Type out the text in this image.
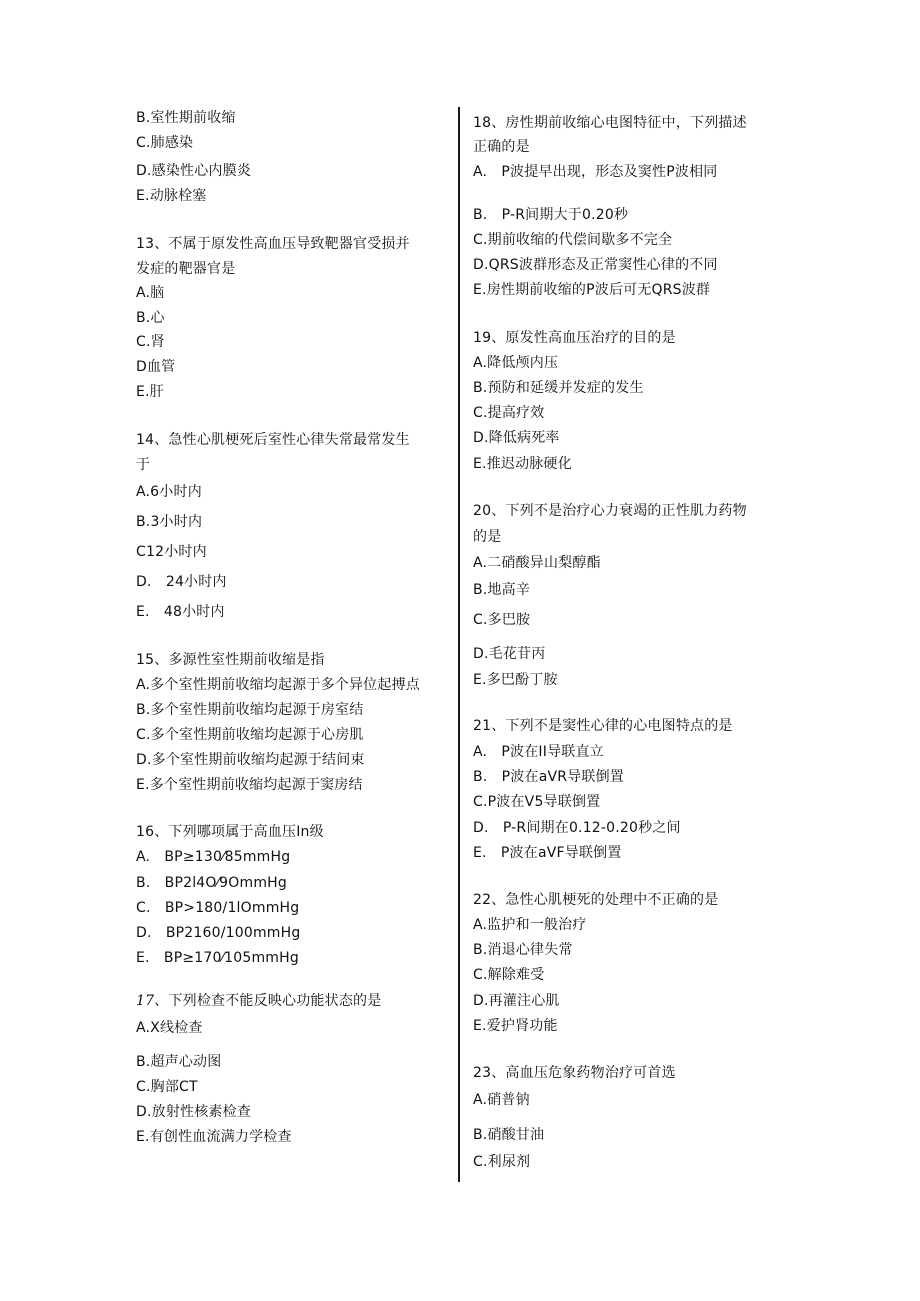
B.室性期前收缩
C.肺感染
D.感染性心内膜炎
E.动脉栓塞
13、不属于原发性高血压导致靶器官受损并
发症的靶器官是
A.脑
B.心
C.肾
D血管
E.肝
14、急性心肌梗死后室性心律失常最常发生
于
A.6小时内
B.3小时内
C12小时内
D.　24小时内
E.　48小时内
15、多源性室性期前收缩是指
A.多个室性期前收缩均起源于多个异位起搏点
B.多个室性期前收缩均起源于房室结
C.多个室性期前收缩均起源于心房肌
D.多个室性期前收缩均起源于结间束
E.多个室性期前收缩均起源于窦房结
16、下列哪项属于高血压In级
A.　BP≥130⁄85mmHg
B.　BP2l4O⁄9OmmHg
C.　BP>180/1lOmmHg
D.　BP2160/100mmHg
E.　BP≥170⁄105mmHg
17、下列检查不能反映心功能状态的是
A.X线检查
B.超声心动图
C.胸部CT
D.放射性核素检查
E.有创性血流满力学检查
18、房性期前收缩心电图特征中，下列描述
正确的是
A.　P波提早出现，形态及窦性P波相同
B.　P-R间期大于0.20秒
C.期前收缩的代偿间歇多不完全
D.QRS波群形态及正常窦性心律的不同
E.房性期前收缩的P波后可无QRS波群
19、原发性高血压治疗的目的是
A.降低颅内压
B.预防和延缓并发症的发生
C.提高疗效
D.降低病死率
E.推迟动脉硬化
20、下列不是治疗心力衰竭的正性肌力药物
的是
A.二硝酸异山梨醇酯
B.地高辛
C.多巴胺
D.毛花苷丙
E.多巴酚丁胺
21、下列不是窦性心律的心电图特点的是
A.　P波在II导联直立
B.　P波在aVR导联倒置
C.P波在V5导联倒置
D.　P-R间期在0.12-0.20秒之间
E.　P波在aVF导联倒置
22、急性心肌梗死的处理中不正确的是
A.监护和一般治疗
B.消退心律失常
C.解除难受
D.再灌注心肌
E.爱护肾功能
23、高血压危象药物治疗可首选
A.硝普钠
B.硝酸甘油
C.利尿剂
